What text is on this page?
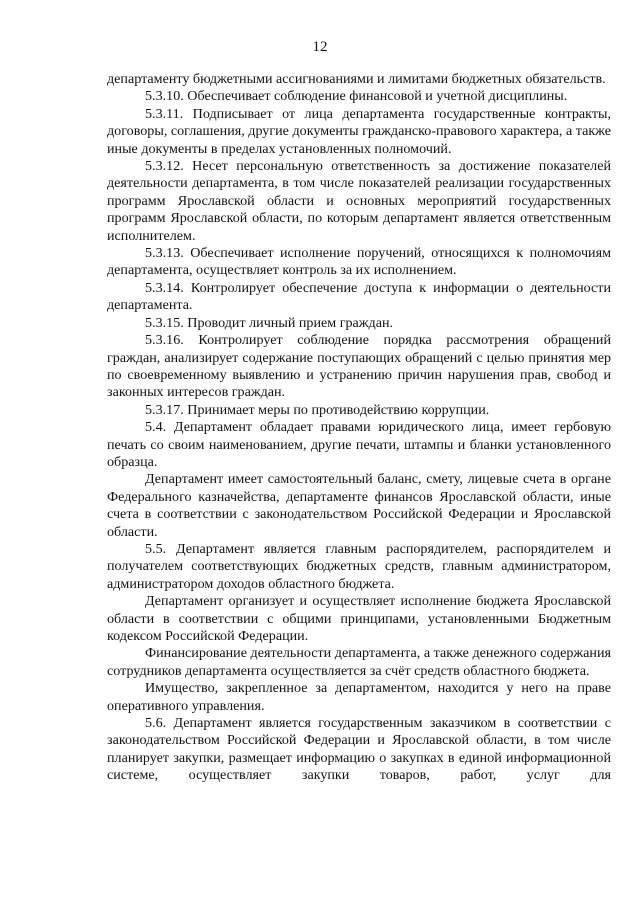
12

департаменту бюджетными ассигнованиями и лимитами бюджетных обязательств.

5.3.10. Обеспечивает соблюдение финансовой и учетной дисциплины.

5.3.11. Подписывает от лица департамента государственные контракты, договоры, соглашения, другие документы гражданско-правового характера, а также иные документы в пределах установленных полномочий.

5.3.12. Несет персональную ответственность за достижение показателей деятельности департамента, в том числе показателей реализации государственных программ Ярославской области и основных мероприятий государственных программ Ярославской области, по которым департамент является ответственным исполнителем.

5.3.13. Обеспечивает исполнение поручений, относящихся к полномочиям департамента, осуществляет контроль за их исполнением.

5.3.14. Контролирует обеспечение доступа к информации о деятельности департамента.

5.3.15. Проводит личный прием граждан.

5.3.16. Контролирует соблюдение порядка рассмотрения обращений граждан, анализирует содержание поступающих обращений с целью принятия мер по своевременному выявлению и устранению причин нарушения прав, свобод и законных интересов граждан.

5.3.17. Принимает меры по противодействию коррупции.

5.4. Департамент обладает правами юридического лица, имеет гербовую печать со своим наименованием, другие печати, штампы и бланки установленного образца.

Департамент имеет самостоятельный баланс, смету, лицевые счета в органе Федерального казначейства, департаменте финансов Ярославской области, иные счета в соответствии с законодательством Российской Федерации и Ярославской области.

5.5. Департамент является главным распорядителем, распорядителем и получателем соответствующих бюджетных средств, главным администратором, администратором доходов областного бюджета.

Департамент организует и осуществляет исполнение бюджета Ярославской области в соответствии с общими принципами, установленными Бюджетным кодексом Российской Федерации.

Финансирование деятельности департамента, а также денежного содержания сотрудников департамента осуществляется за счёт средств областного бюджета.

Имущество, закрепленное за департаментом, находится у него на праве оперативного управления.

5.6. Департамент является государственным заказчиком в соответствии с законодательством Российской Федерации и Ярославской области, в том числе планирует закупки, размещает информацию о закупках в единой информационной системе, осуществляет закупки товаров, работ, услуг для
